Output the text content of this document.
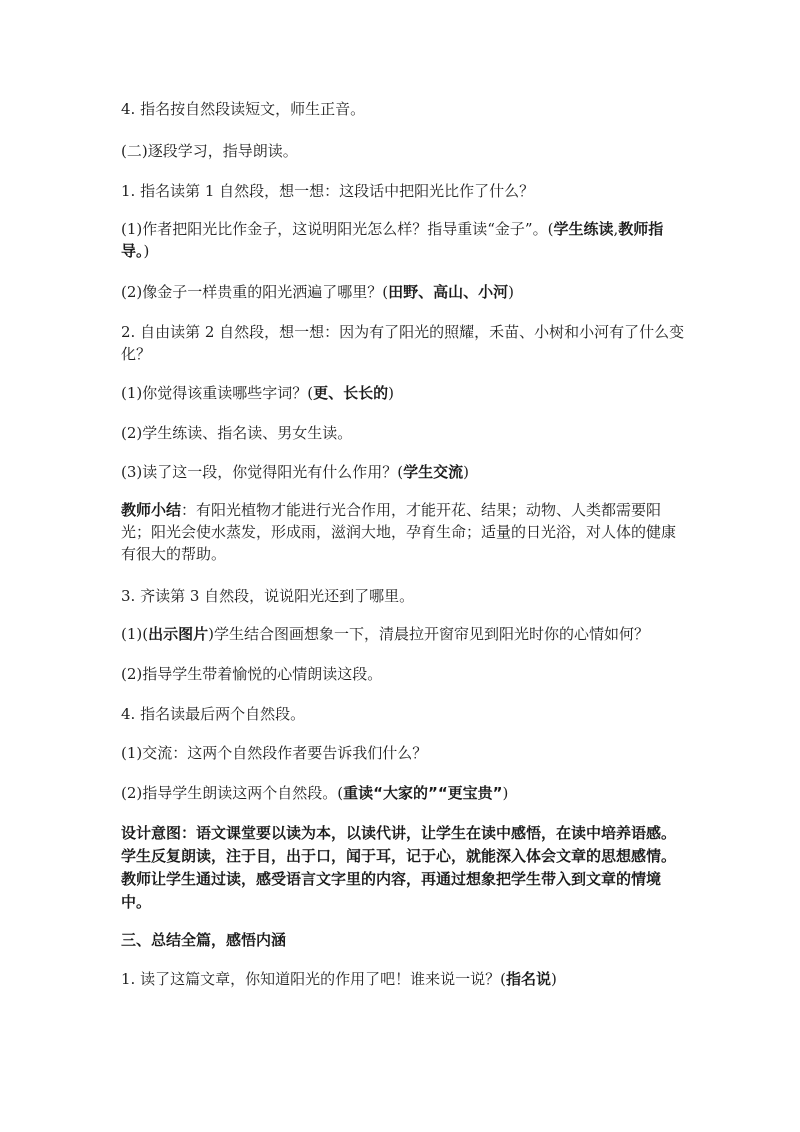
4. 指名按自然段读短文，师生正音。

(二)逐段学习，指导朗读。

1. 指名读第 1 自然段，想一想：这段话中把阳光比作了什么？

(1)作者把阳光比作金子，这说明阳光怎么样？指导重读“金子”。(学生练读,教师指导。)

(2)像金子一样贵重的阳光洒遍了哪里？(田野、高山、小河)

2. 自由读第 2 自然段，想一想：因为有了阳光的照耀，禾苗、小树和小河有了什么变化？

(1)你觉得该重读哪些字词？(更、长长的)

(2)学生练读、指名读、男女生读。

(3)读了这一段，你觉得阳光有什么作用？(学生交流)

教师小结：有阳光植物才能进行光合作用，才能开花、结果；动物、人类都需要阳光；阳光会使水蒸发，形成雨，滋润大地，孕育生命；适量的日光浴，对人体的健康有很大的帮助。

3. 齐读第 3 自然段，说说阳光还到了哪里。

(1)(出示图片)学生结合图画想象一下，清晨拉开窗帘见到阳光时你的心情如何？

(2)指导学生带着愉悦的心情朗读这段。

4. 指名读最后两个自然段。

(1)交流：这两个自然段作者要告诉我们什么？

(2)指导学生朗读这两个自然段。(重读“大家的”“更宝贵”)

设计意图：语文课堂要以读为本，以读代讲，让学生在读中感悟，在读中培养语感。学生反复朗读，注于目，出于口，闻于耳，记于心，就能深入体会文章的思想感情。教师让学生通过读，感受语言文字里的内容，再通过想象把学生带入到文章的情境中。

三、总结全篇，感悟内涵

1. 读了这篇文章，你知道阳光的作用了吧！谁来说一说？(指名说)
